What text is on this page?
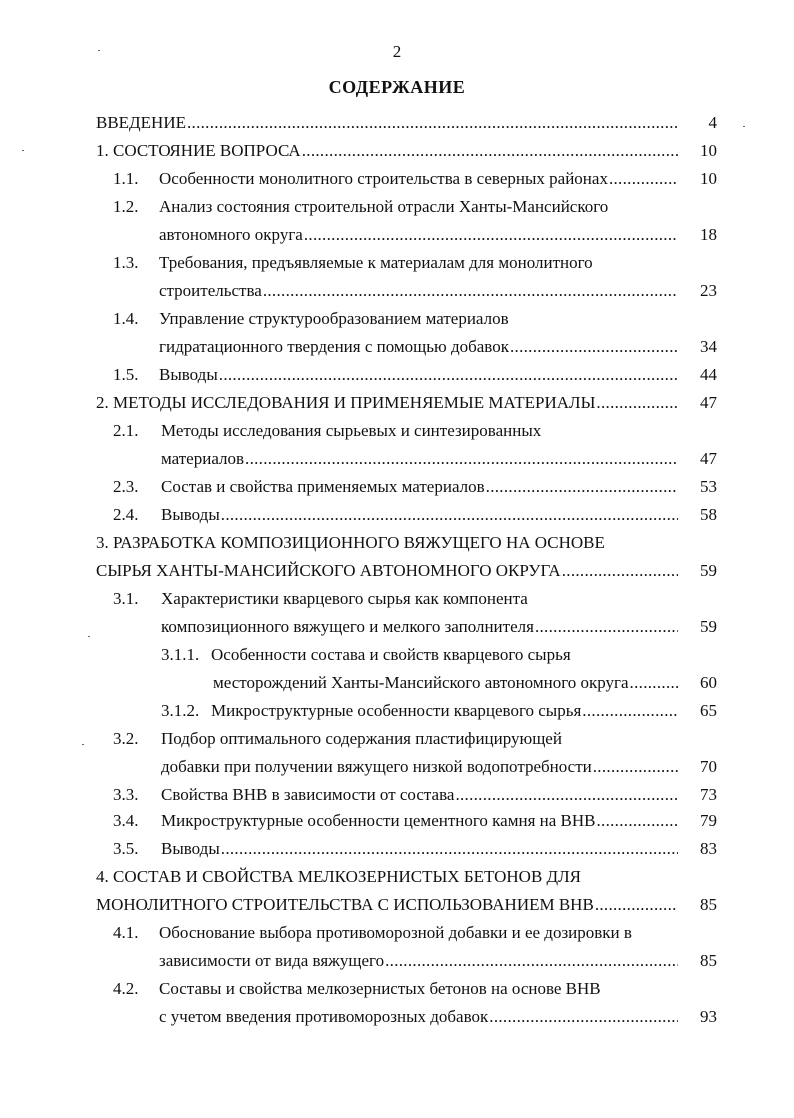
2
СОДЕРЖАНИЕ
ВВЕДЕНИЕ .....	4
1. СОСТОЯНИЕ ВОПРОСА .....	10
1.1. Особенности монолитного строительства в северных районах .....	10
1.2. Анализ состояния строительной отрасли Ханты-Мансийского
автономного округа .....	18
1.3. Требования, предъявляемые к материалам для монолитного
строительства .....	23
1.4. Управление структурообразованием материалов
гидратационного твердения с помощью добавок .....	34
1.5. Выводы .....	44
2. МЕТОДЫ ИССЛЕДОВАНИЯ И ПРИМЕНЯЕМЫЕ МАТЕРИАЛЫ .....	47
2.1. Методы исследования сырьевых и синтезированных
материалов .....	47
2.3. Состав и свойства применяемых материалов .....	53
2.4. Выводы .....	58
3. РАЗРАБОТКА КОМПОЗИЦИОННОГО ВЯЖУЩЕГО НА ОСНОВЕ
СЫРЬЯ ХАНТЫ-МАНСИЙСКОГО АВТОНОМНОГО ОКРУГА .....	59
3.1. Характеристики кварцевого сырья как компонента
композиционного вяжущего и мелкого заполнителя .....	59
3.1.1. Особенности состава и свойств кварцевого сырья
месторождений Ханты-Мансийского автономного округа .....	60
3.1.2. Микроструктурные особенности кварцевого сырья .....	65
3.2. Подбор оптимального содержания пластифицирующей
добавки при получении вяжущего низкой водопотребности .....	70
3.3. Свойства ВНВ в зависимости от состава .....	73
3.4. Микроструктурные особенности цементного камня на ВНВ .....	79
3.5. Выводы .....	83
4. СОСТАВ И СВОЙСТВА МЕЛКОЗЕРНИСТЫХ БЕТОНОВ ДЛЯ
МОНОЛИТНОГО СТРОИТЕЛЬСТВА С ИСПОЛЬЗОВАНИЕМ ВНВ .....	85
4.1. Обоснование выбора противоморозной добавки и ее дозировки в
зависимости от вида вяжущего .....	85
4.2. Составы и свойства мелкозернистых бетонов на основе ВНВ
с учетом введения противоморозных добавок .....	93
